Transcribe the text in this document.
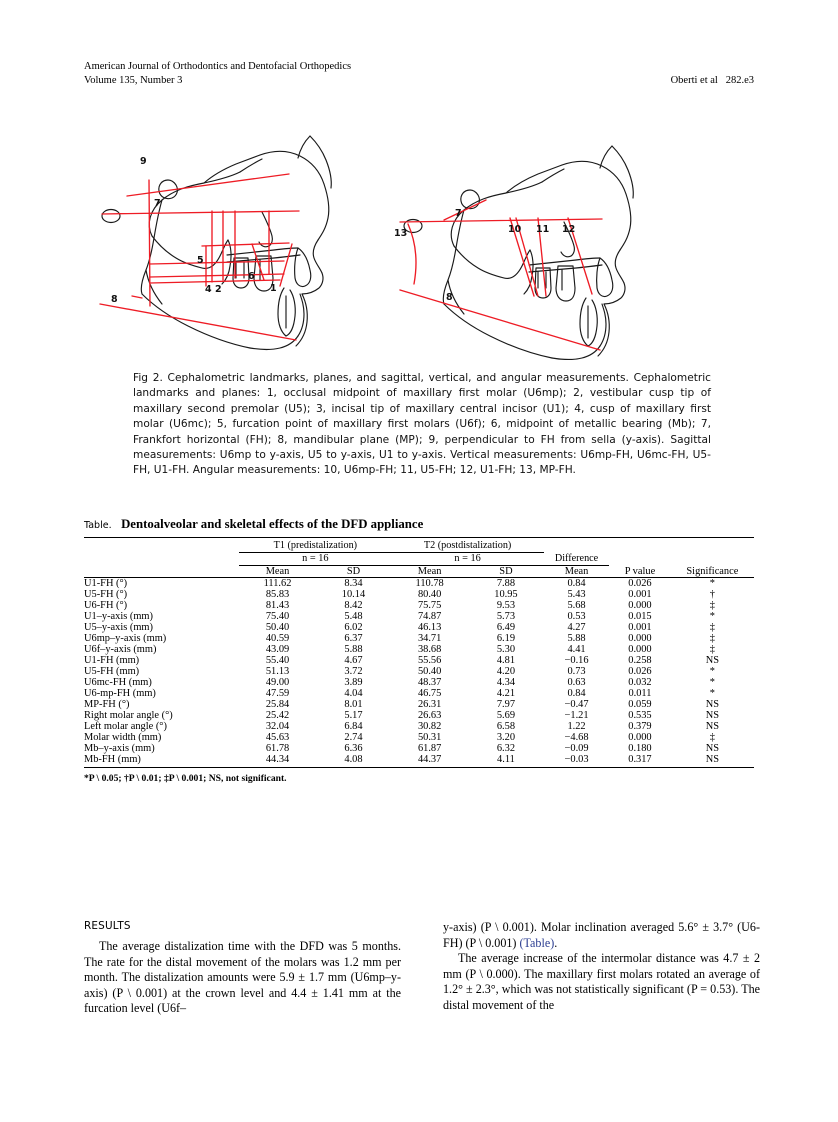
American Journal of Orthodontics and Dentofacial Orthopedics
Volume 135, Number 3	Oberti et al 282.e3

9
7
5
4 2
6
1
8
7
13	10 11 12
8
Fig 2. Cephalometric landmarks, planes, and sagittal, vertical, and angular measurements. Cephalometric landmarks and planes: 1, occlusal midpoint of maxillary first molar (U6mp); 2, vestibular cusp tip of maxillary second premolar (U5); 3, incisal tip of maxillary central incisor (U1); 4, cusp of maxillary first molar (U6mc); 5, furcation point of maxillary first molars (U6f); 6, midpoint of metallic bearing (Mb); 7, Frankfort horizontal (FH); 8, mandibular plane (MP); 9, perpendicular to FH from sella (y-axis). Sagittal measurements: U6mp to y-axis, U5 to y-axis, U1 to y-axis. Vertical measurements: U6mp-FH, U6mc-FH, U5-FH, U1-FH. Angular measurements: 10, U6mp-FH; 11, U5-FH; 12, U1-FH; 13, MP-FH.
Table. Dentoalveolar and skeletal effects of the DFD appliance

	T1 (predistalization)		T2 (postdistalization)				

	n = 16		n = 16		Difference		

	Mean	SD	Mean	SD	Mean	P value	Significance
U1-FH (°)	111.62	8.34	110.78	7.88	0.84	0.026	*
U5-FH (°)	85.83	10.14	80.40	10.95	5.43	0.001	†
U6-FH (°)	81.43	8.42	75.75	9.53	5.68	0.000	‡
U1–y-axis (mm)	75.40	5.48	74.87	5.73	0.53	0.015	*
U5–y-axis (mm)	50.40	6.02	46.13	6.49	4.27	0.001	‡
U6mp–y-axis (mm)	40.59	6.37	34.71	6.19	5.88	0.000	‡
U6f–y-axis (mm)	43.09	5.88	38.68	5.30	4.41	0.000	‡
U1-FH (mm)	55.40	4.67	55.56	4.81	−0.16	0.258	NS
U5-FH (mm)	51.13	3.72	50.40	4.20	0.73	0.026	*
U6mc-FH (mm)	49.00	3.89	48.37	4.34	0.63	0.032	*
U6-mp-FH (mm)	47.59	4.04	46.75	4.21	0.84	0.011	*
MP-FH (°)	25.84	8.01	26.31	7.97	−0.47	0.059	NS
Right molar angle (°)	25.42	5.17	26.63	5.69	−1.21	0.535	NS
Left molar angle (°)	32.04	6.84	30.82	6.58	1.22	0.379	NS
Molar width (mm)	45.63	2.74	50.31	3.20	−4.68	0.000	‡
Mb–y-axis (mm)	61.78	6.36	61.87	6.32	−0.09	0.180	NS
Mb-FH (mm)	44.34	4.08	44.37	4.11	−0.03	0.317	NS

*P \ 0.05; †P \ 0.01; ‡P \ 0.001; NS, not significant.
RESULTS

The average distalization time with the DFD was 5 months. The rate for the distal movement of the molars was 1.2 mm per month. The distalization amounts were 5.9 ± 1.7 mm (U6mp–y-axis) (P \ 0.001) at the crown level and 4.4 ± 1.41 mm at the furcation level (U6f–

y-axis) (P \ 0.001). Molar inclination averaged 5.6° ± 3.7° (U6-FH) (P \ 0.001) (Table).

The average increase of the intermolar distance was 4.7 ± 2 mm (P \ 0.000). The maxillary first molars rotated an average of 1.2° ± 2.3°, which was not statistically significant (P = 0.53). The distal movement of the
